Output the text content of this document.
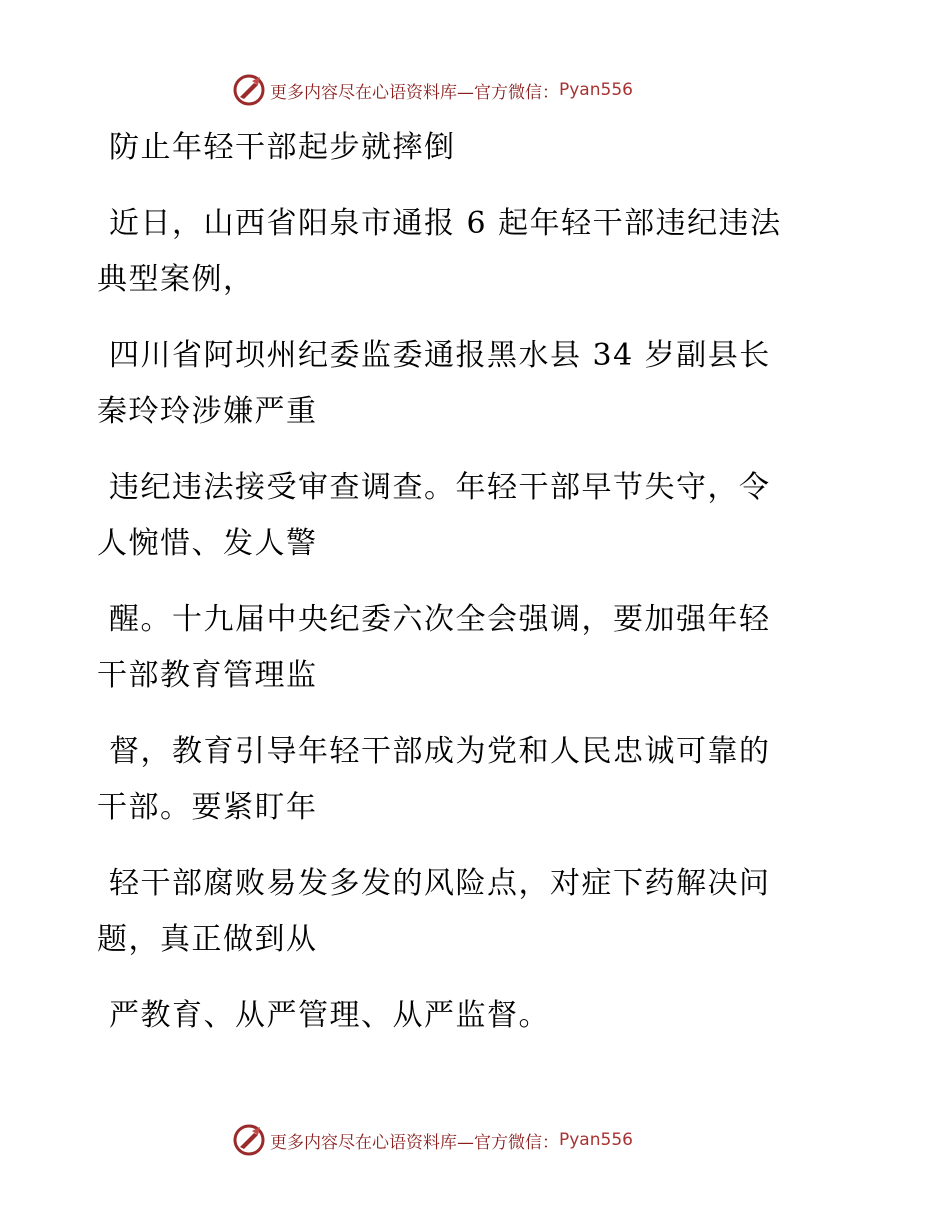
更多内容尽在心语资料库—官方微信： Pyan556
防止年轻干部起步就摔倒
近日，山西省阳泉市通报 6 起年轻干部违纪违法
典型案例，
四川省阿坝州纪委监委通报黑水县 34 岁副县长
秦玲玲涉嫌严重
违纪违法接受审查调查。年轻干部早节失守，令
人惋惜、发人警
醒。十九届中央纪委六次全会强调，要加强年轻
干部教育管理监
督，教育引导年轻干部成为党和人民忠诚可靠的
干部。要紧盯年
轻干部腐败易发多发的风险点，对症下药解决问
题，真正做到从
严教育、从严管理、从严监督。
更多内容尽在心语资料库—官方微信： Pyan556
